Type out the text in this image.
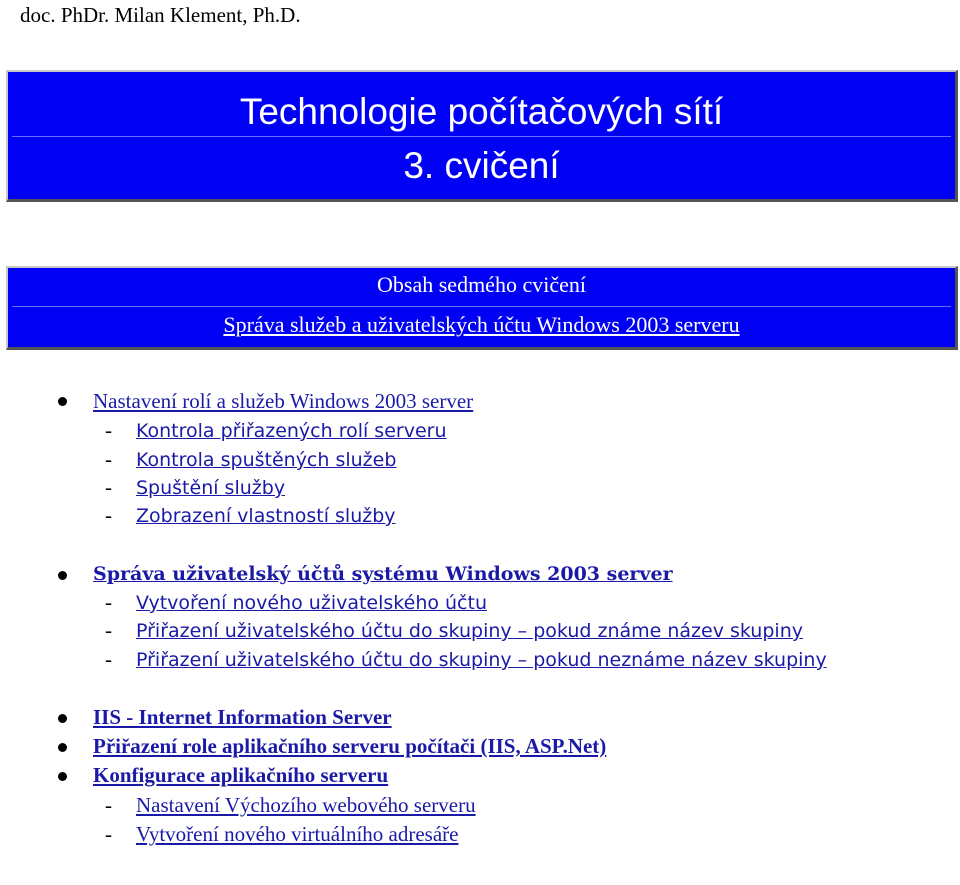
doc. PhDr. Milan Klement, Ph.D.
Technologie počítačových sítí
3. cvičení
Obsah sedmého cvičení
Správa služeb a uživatelských účtu Windows 2003 serveru
Nastavení rolí a služeb Windows 2003 server
- Kontrola přiřazených rolí serveru
- Kontrola spuštěných služeb
- Spuštění služby
- Zobrazení vlastností služby
Správa uživatelský účtů systému Windows 2003 server
- Vytvoření nového uživatelského účtu
- Přiřazení uživatelského účtu do skupiny – pokud známe název skupiny
- Přiřazení uživatelského účtu do skupiny – pokud neznáme název skupiny
IIS - Internet Information Server
Přiřazení role aplikačního serveru počítači (IIS, ASP.Net)
Konfigurace aplikačního serveru
- Nastavení Výchozího webového serveru
- Vytvoření nového virtuálního adresáře
